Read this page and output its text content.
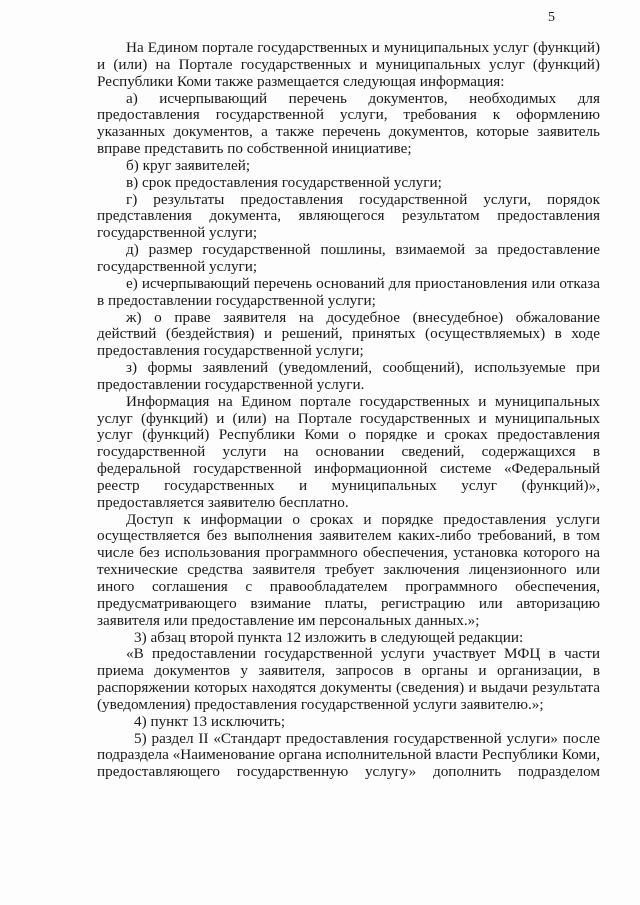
5
На Едином портале государственных и муниципальных услуг (функций)
и (или) на Портале государственных и муниципальных услуг (функций)
Республики Коми также размещается следующая информация:
а) исчерпывающий перечень документов, необходимых для
предоставления государственной услуги, требования к оформлению
указанных документов, а также перечень документов, которые заявитель
вправе представить по собственной инициативе;
б) круг заявителей;
в) срок предоставления государственной услуги;
г) результаты предоставления государственной услуги, порядок
представления документа, являющегося результатом предоставления
государственной услуги;
д) размер государственной пошлины, взимаемой за предоставление
государственной услуги;
е) исчерпывающий перечень оснований для приостановления или отказа
в предоставлении государственной услуги;
ж) о праве заявителя на досудебное (внесудебное) обжалование
действий (бездействия) и решений, принятых (осуществляемых) в ходе
предоставления государственной услуги;
з) формы заявлений (уведомлений, сообщений), используемые при
предоставлении государственной услуги.
Информация на Едином портале государственных и муниципальных
услуг (функций) и (или) на Портале государственных и муниципальных
услуг (функций) Республики Коми о порядке и сроках предоставления
государственной услуги на основании сведений, содержащихся в
федеральной государственной информационной системе «Федеральный
реестр государственных и муниципальных услуг (функций)»,
предоставляется заявителю бесплатно.
Доступ к информации о сроках и порядке предоставления услуги
осуществляется без выполнения заявителем каких-либо требований, в том
числе без использования программного обеспечения, установка которого на
технические средства заявителя требует заключения лицензионного или
иного соглашения с правообладателем программного обеспечения,
предусматривающего взимание платы, регистрацию или авторизацию
заявителя или предоставление им персональных данных.»;
3) абзац второй пункта 12 изложить в следующей редакции:
«В предоставлении государственной услуги участвует МФЦ в части
приема документов у заявителя, запросов в органы и организации, в
распоряжении которых находятся документы (сведения) и выдачи результата
(уведомления) предоставления государственной услуги заявителю.»;
4) пункт 13 исключить;
5) раздел II «Стандарт предоставления государственной услуги» после
подраздела «Наименование органа исполнительной власти Республики Коми,
предоставляющего государственную услугу» дополнить подразделом
